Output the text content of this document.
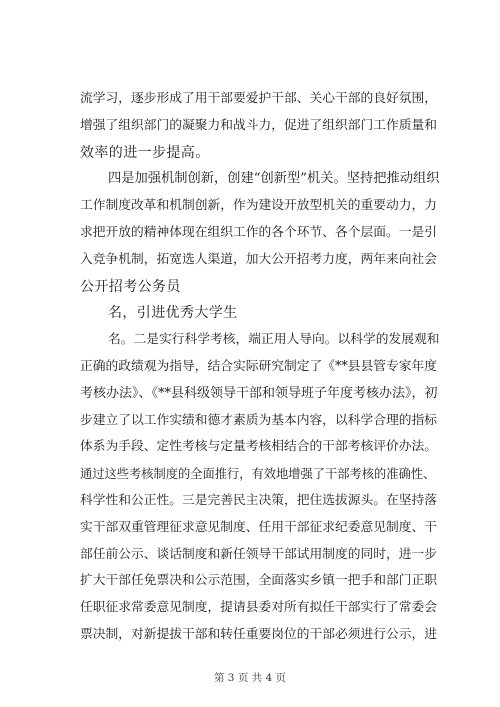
流学习，逐步形成了用干部要爱护干部、关心干部的良好氛围，
增强了组织部门的凝聚力和战斗力，促进了组织部门工作质量和
效率的进一步提高。
四是加强机制创新，创建“创新型”机关。坚持把推动组织
工作制度改革和机制创新，作为建设开放型机关的重要动力，力
求把开放的精神体现在组织工作的各个环节、各个层面。一是引
入竞争机制，拓宽选人渠道，加大公开招考力度，两年来向社会
公开招考公务员
名，引进优秀大学生
名。二是实行科学考核，端正用人导向。以科学的发展观和
正确的政绩观为指导，结合实际研究制定了《**县县管专家年度
考核办法》、《**县科级领导干部和领导班子年度考核办法》，初
步建立了以工作实绩和德才素质为基本内容，以科学合理的指标
体系为手段、定性考核与定量考核相结合的干部考核评价办法。
通过这些考核制度的全面推行，有效地增强了干部考核的准确性、
科学性和公正性。三是完善民主决策，把住选拔源头。在坚持落
实干部双重管理征求意见制度、任用干部征求纪委意见制度、干
部任前公示、谈话制度和新任领导干部试用制度的同时，进一步
扩大干部任免票决和公示范围，全面落实乡镇一把手和部门正职
任职征求常委意见制度，提请县委对所有拟任干部实行了常委会
票决制，对新提拔干部和转任重要岗位的干部必须进行公示，进
第 3 页 共 4 页
